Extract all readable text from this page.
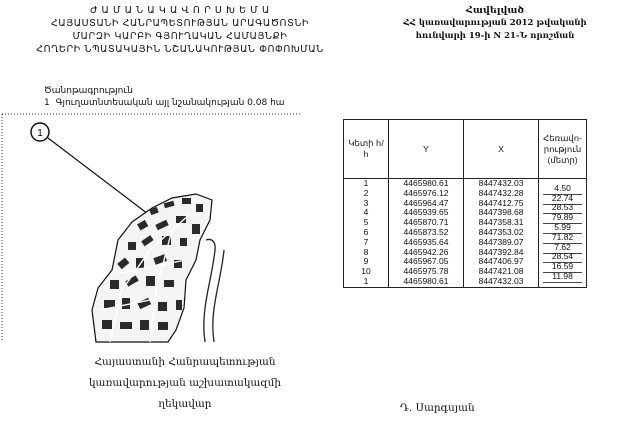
Ժ Ա Մ Ա Ն Ա Կ Ա Վ Ո Ր Ս Խ Ե Մ Ա
ՀԱՅԱՍՏԱՆԻ ՀԱՆՐԱՊԵՏՈՒԹՅԱՆ ԱՐԱԳԱԾՈՏՆԻ
ՄԱՐԶԻ ԿԱՐԲԻ ԳՅՈՒՂԱԿԱՆ ՀԱՄԱՅՆՔԻ
ՀՈՂԵՐԻ ՆՊԱՏԱԿԱՅԻՆ ՆՇԱՆԱԿՈՒԹՅԱՆ ՓՈՓՈԽՄԱՆ
Հավելված
ՀՀ կառավարության 2012 թվականի
հունվարի 19-ի N 21-Ն որոշման
Ծանոթագրություն
1 Գյուղատնտեսական այլ նշանակության 0.08 հա
1
Կետի հ/հ	Y	X	Հեռավո-րություն (մետր)
1	4465980.61	8447432.03	
2	4465976.12	8447432.28	4.50

3	4465964.47	8447412.75	22.74

4	4465939.65	8447398.68	28.53

5	4465870.71	8447358.31	79.89

6	4465873.52	8447353.02	5.99

7	4465935.64	8447389.07	71.82

8	4465942.26	8447392.84	7.62

9	4465967.05	8447406.97	28.54

10	4465975.78	8447421.08	16.59

1	4465980.61	8447432.03	11.98
Հայաստանի Հանրապետության
կառավարության աշխատակազմի
ղեկավար	Դ. Սարգսյան
